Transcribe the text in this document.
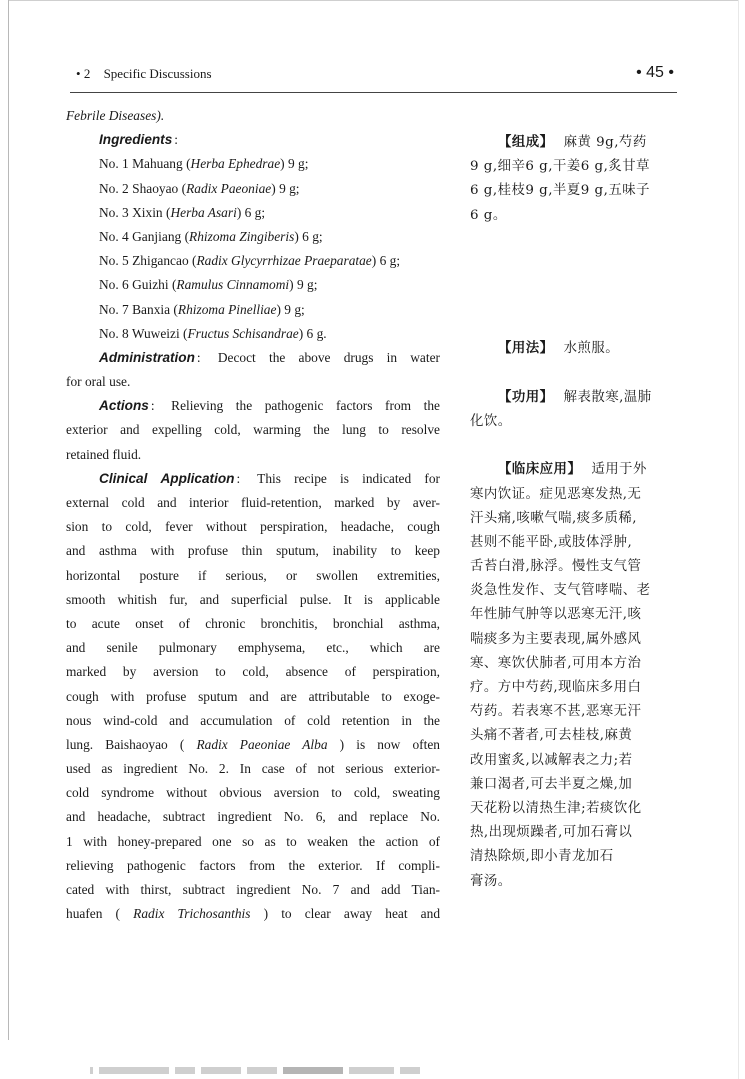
• 2 Specific Discussions	• 45 •
Febrile Diseases).
Ingredients :
No. 1 Mahuang (Herba Ephedrae) 9 g;
No. 2 Shaoyao (Radix Paeoniae) 9 g;
No. 3 Xixin (Herba Asari) 6 g;
No. 4 Ganjiang (Rhizoma Zingiberis) 6 g;
No. 5 Zhigancao (Radix Glycyrrhizae Praeparatae) 6 g;
No. 6 Guizhi (Ramulus Cinnamomi) 9 g;
No. 7 Banxia (Rhizoma Pinelliae) 9 g;
No. 8 Wuweizi (Fructus Schisandrae) 6 g.
Administration : Decoct the above drugs in water
for oral use.
Actions : Relieving the pathogenic factors from the
exterior and expelling cold, warming the lung to resolve
retained fluid.
Clinical Application : This recipe is indicated for
external cold and interior fluid-retention, marked by aver-
sion to cold, fever without perspiration, headache, cough
and asthma with profuse thin sputum, inability to keep
horizontal posture if serious, or swollen extremities,
smooth whitish fur, and superficial pulse. It is applicable
to acute onset of chronic bronchitis, bronchial asthma,
and senile pulmonary emphysema, etc., which are
marked by aversion to cold, absence of perspiration,
cough with profuse sputum and are attributable to exoge-
nous wind-cold and accumulation of cold retention in the
lung. Baishaoyao ( Radix Paeoniae Alba ) is now often
used as ingredient No. 2. In case of not serious exterior-
cold syndrome without obvious aversion to cold, sweating
and headache, subtract ingredient No. 6, and replace No.
1 with honey-prepared one so as to weaken the action of
relieving pathogenic factors from the exterior. If compli-
cated with thirst, subtract ingredient No. 7 and add Tian-
huafen ( Radix Trichosanthis ) to clear away heat and
【组成】 麻黄 9g,芍药
9 g,细辛6 g,干姜6 g,炙甘草
6 g,桂枝9 g,半夏9 g,五味子
6 g。
【用法】 水煎服。
【功用】 解表散寒,温肺
化饮。
【临床应用】 适用于外
寒内饮证。症见恶寒发热,无
汗头痛,咳嗽气喘,痰多质稀,
甚则不能平卧,或肢体浮肿,
舌苔白滑,脉浮。慢性支气管
炎急性发作、支气管哮喘、老
年性肺气肿等以恶寒无汗,咳
喘痰多为主要表现,属外感风
寒、寒饮伏肺者,可用本方治
疗。方中芍药,现临床多用白
芍药。若表寒不甚,恶寒无汗
头痛不著者,可去桂枝,麻黄
改用蜜炙,以减解表之力;若
兼口渴者,可去半夏之燥,加
天花粉以清热生津;若痰饮化
热,出现烦躁者,可加石膏以
清热除烦,即小青龙加石
膏汤。
